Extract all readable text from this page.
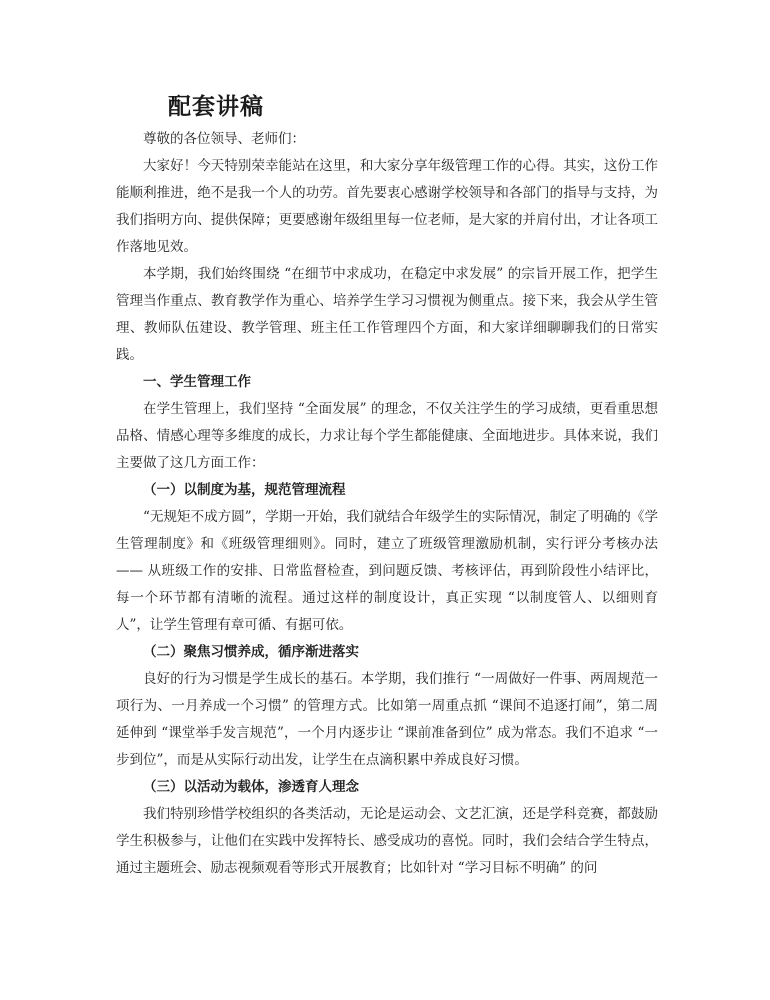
配套讲稿

尊敬的各位领导、老师们：

大家好！今天特别荣幸能站在这里，和大家分享年级管理工作的心得。其实，这份工作能顺利推进，绝不是我一个人的功劳。首先要衷心感谢学校领导和各部门的指导与支持，为我们指明方向、提供保障；更要感谢年级组里每一位老师，是大家的并肩付出，才让各项工作落地见效。

本学期，我们始终围绕 “在细节中求成功，在稳定中求发展” 的宗旨开展工作，把学生管理当作重点、教育教学作为重心、培养学生学习习惯视为侧重点。接下来，我会从学生管理、教师队伍建设、教学管理、班主任工作管理四个方面，和大家详细聊聊我们的日常实践。

一、学生管理工作

在学生管理上，我们坚持 “全面发展” 的理念，不仅关注学生的学习成绩，更看重思想品格、情感心理等多维度的成长，力求让每个学生都能健康、全面地进步。具体来说，我们主要做了这几方面工作：

（一）以制度为基，规范管理流程

“无规矩不成方圆”，学期一开始，我们就结合年级学生的实际情况，制定了明确的《学生管理制度》和《班级管理细则》。同时，建立了班级管理激励机制，实行评分考核办法 —— 从班级工作的安排、日常监督检查，到问题反馈、考核评估，再到阶段性小结评比，每一个环节都有清晰的流程。通过这样的制度设计，真正实现 “以制度管人、以细则育人”，让学生管理有章可循、有据可依。

（二）聚焦习惯养成，循序渐进落实

良好的行为习惯是学生成长的基石。本学期，我们推行 “一周做好一件事、两周规范一项行为、一月养成一个习惯” 的管理方式。比如第一周重点抓 “课间不追逐打闹”，第二周延伸到 “课堂举手发言规范”，一个月内逐步让 “课前准备到位” 成为常态。我们不追求 “一步到位”，而是从实际行动出发，让学生在点滴积累中养成良好习惯。

（三）以活动为载体，渗透育人理念

我们特别珍惜学校组织的各类活动，无论是运动会、文艺汇演，还是学科竞赛，都鼓励学生积极参与，让他们在实践中发挥特长、感受成功的喜悦。同时，我们会结合学生特点，通过主题班会、励志视频观看等形式开展教育；比如针对 “学习目标不明确” 的问
